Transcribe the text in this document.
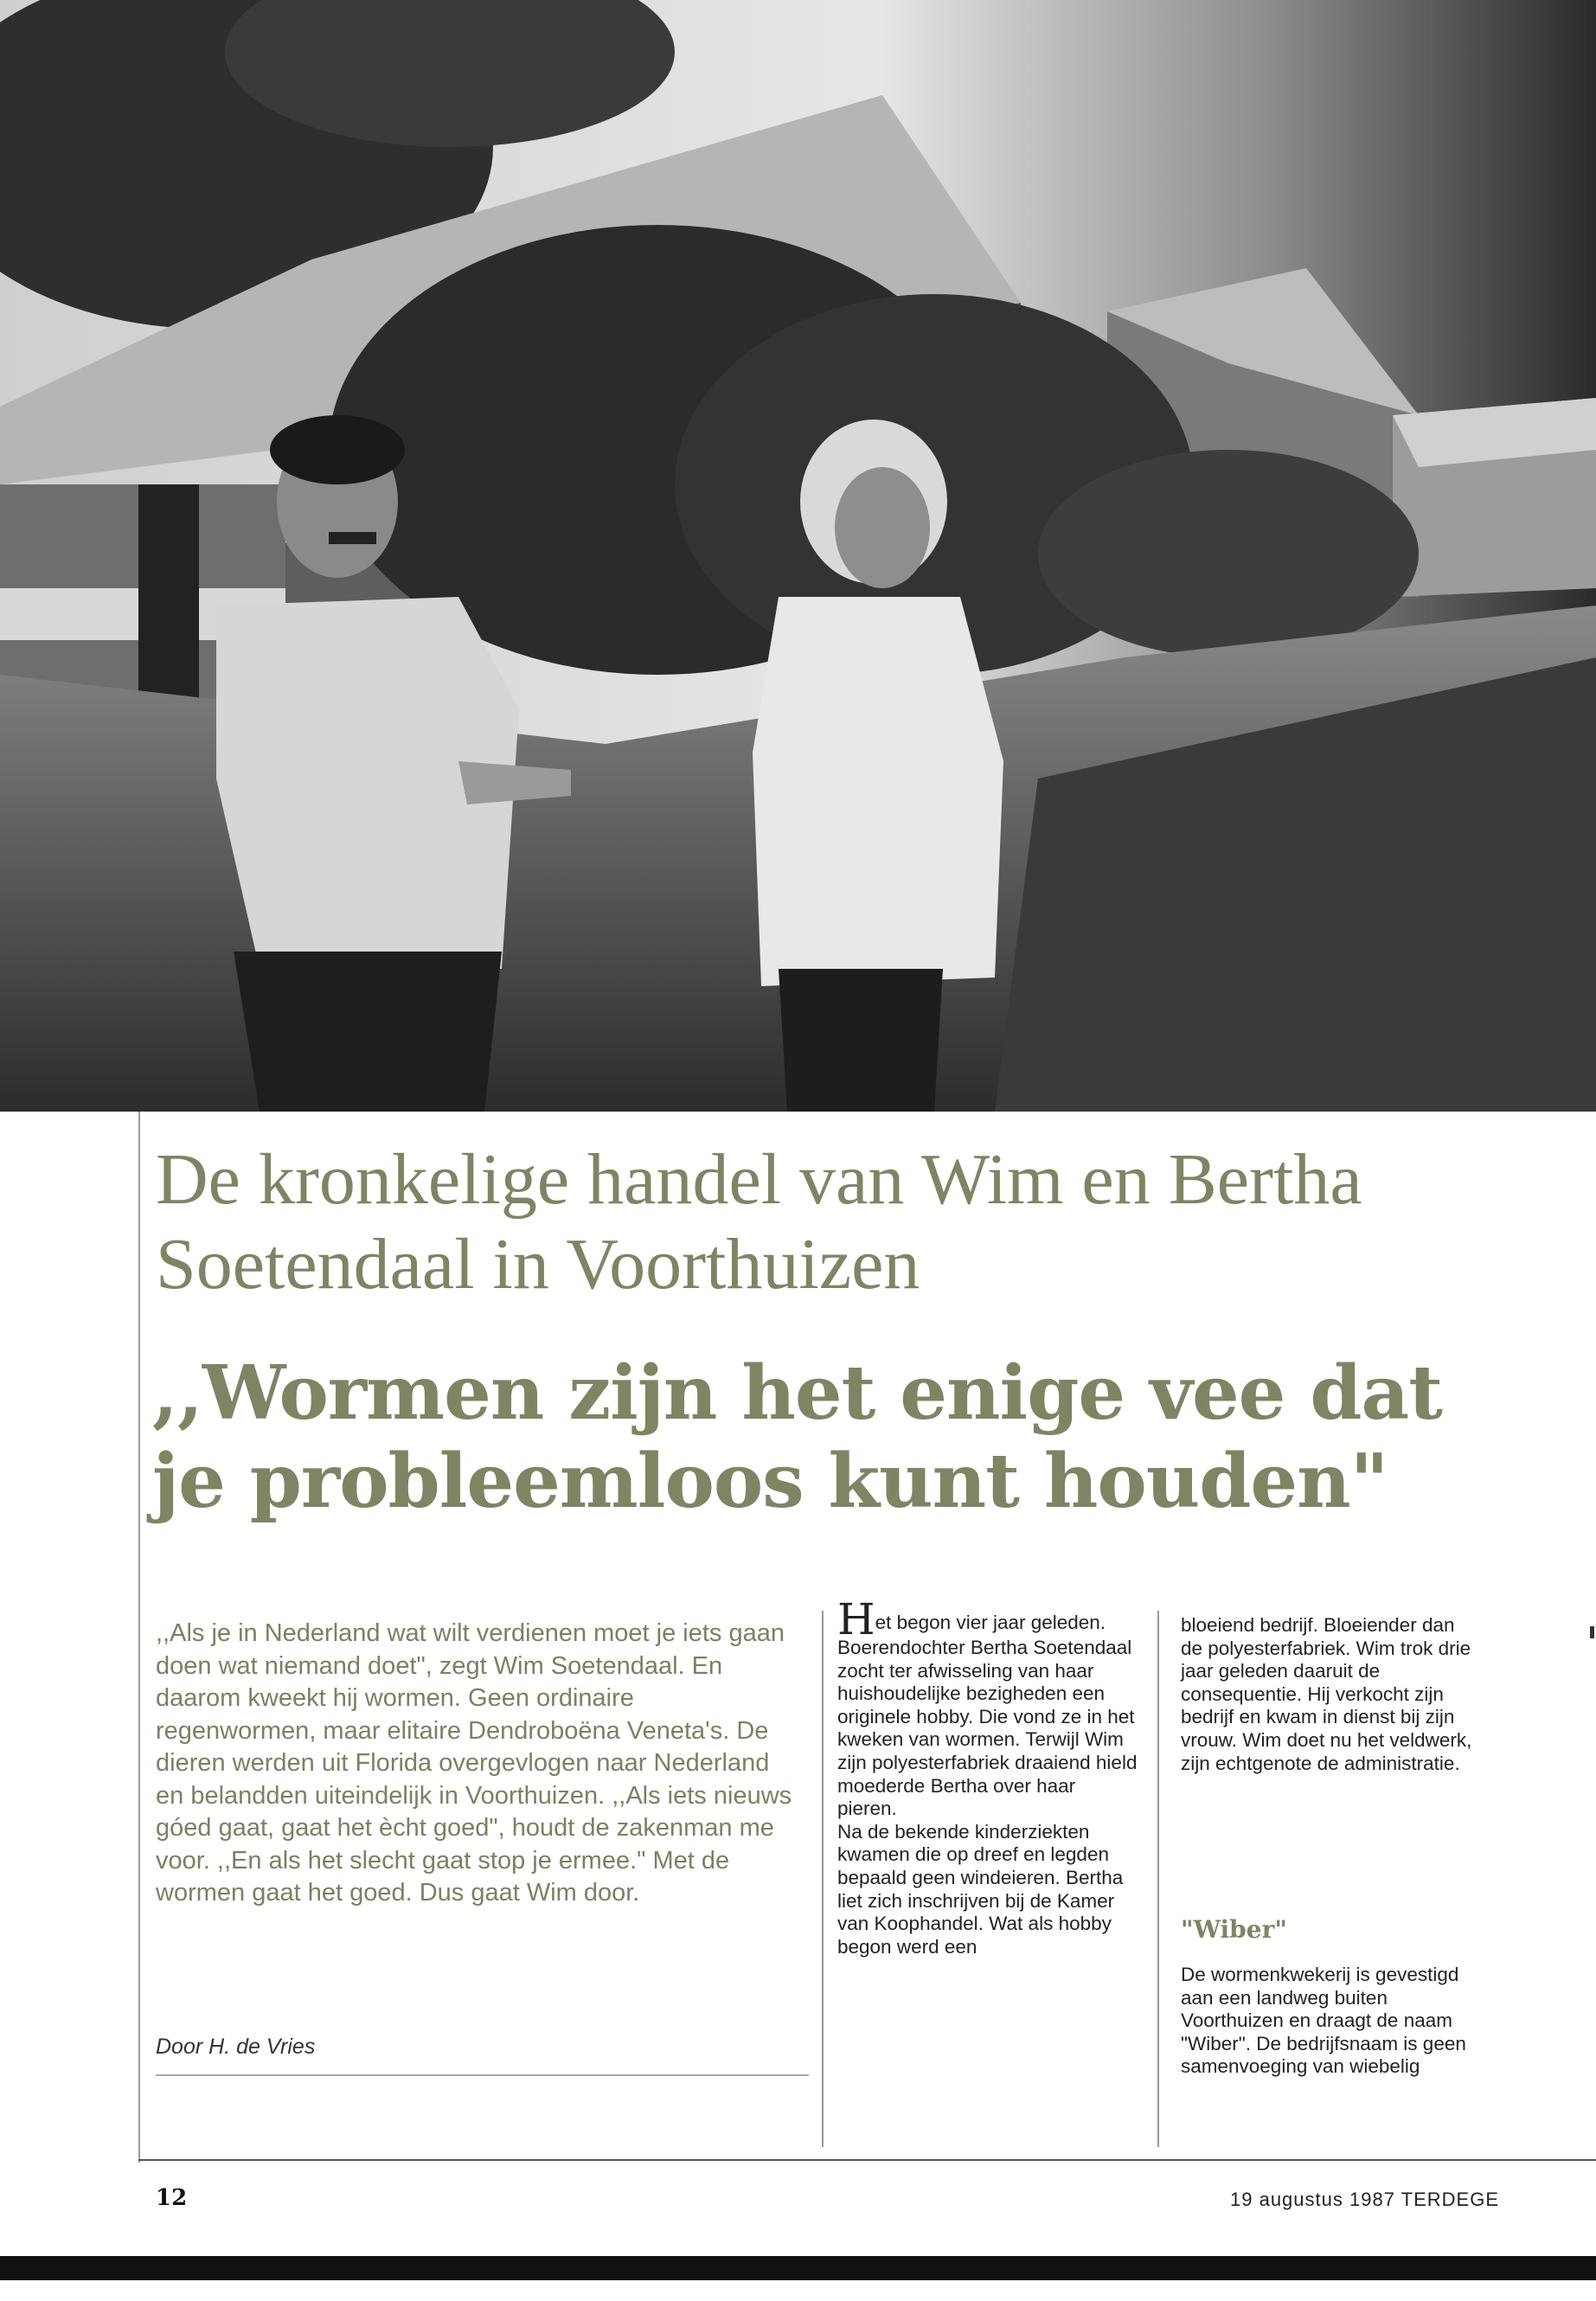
De kronkelige handel van Wim en Bertha
Soetendaal in Voorthuizen
,,Wormen zijn het enige vee dat
je probleemloos kunt houden"

,,Als je in Nederland wat wilt verdienen moet je iets gaan doen wat niemand doet", zegt Wim Soetendaal. En daarom kweekt hij wormen. Geen ordinaire regenwormen, maar elitaire Dendroboëna Veneta's. De dieren werden uit Florida overgevlogen naar Nederland en belandden uiteindelijk in Voorthuizen. ,,Als iets nieuws góed gaat, gaat het ècht goed", houdt de zakenman me voor. ,,En als het slecht gaat stop je ermee." Met de wormen gaat het goed. Dus gaat Wim door.

Door H. de Vries

Het begon vier jaar geleden. Boerendochter Bertha Soetendaal zocht ter afwisseling van haar huishoudelijke bezigheden een originele hobby. Die vond ze in het kweken van wormen. Terwijl Wim zijn polyesterfabriek draaiend hield moederde Bertha over haar pieren.

Na de bekende kinderziekten kwamen die op dreef en legden bepaald geen windeieren. Bertha liet zich inschrijven bij de Kamer van Koophandel. Wat als hobby begon werd een

bloeiend bedrijf. Bloeiender dan de polyesterfabriek. Wim trok drie jaar geleden daaruit de consequentie. Hij verkocht zijn bedrijf en kwam in dienst bij zijn vrouw. Wim doet nu het veldwerk, zijn echtgenote de administratie.

"Wiber"

De wormenkwekerij is gevestigd aan een landweg buiten Voorthuizen en draagt de naam "Wiber". De bedrijfsnaam is geen samenvoeging van wiebelig

12	19 augustus 1987 TERDEGE
